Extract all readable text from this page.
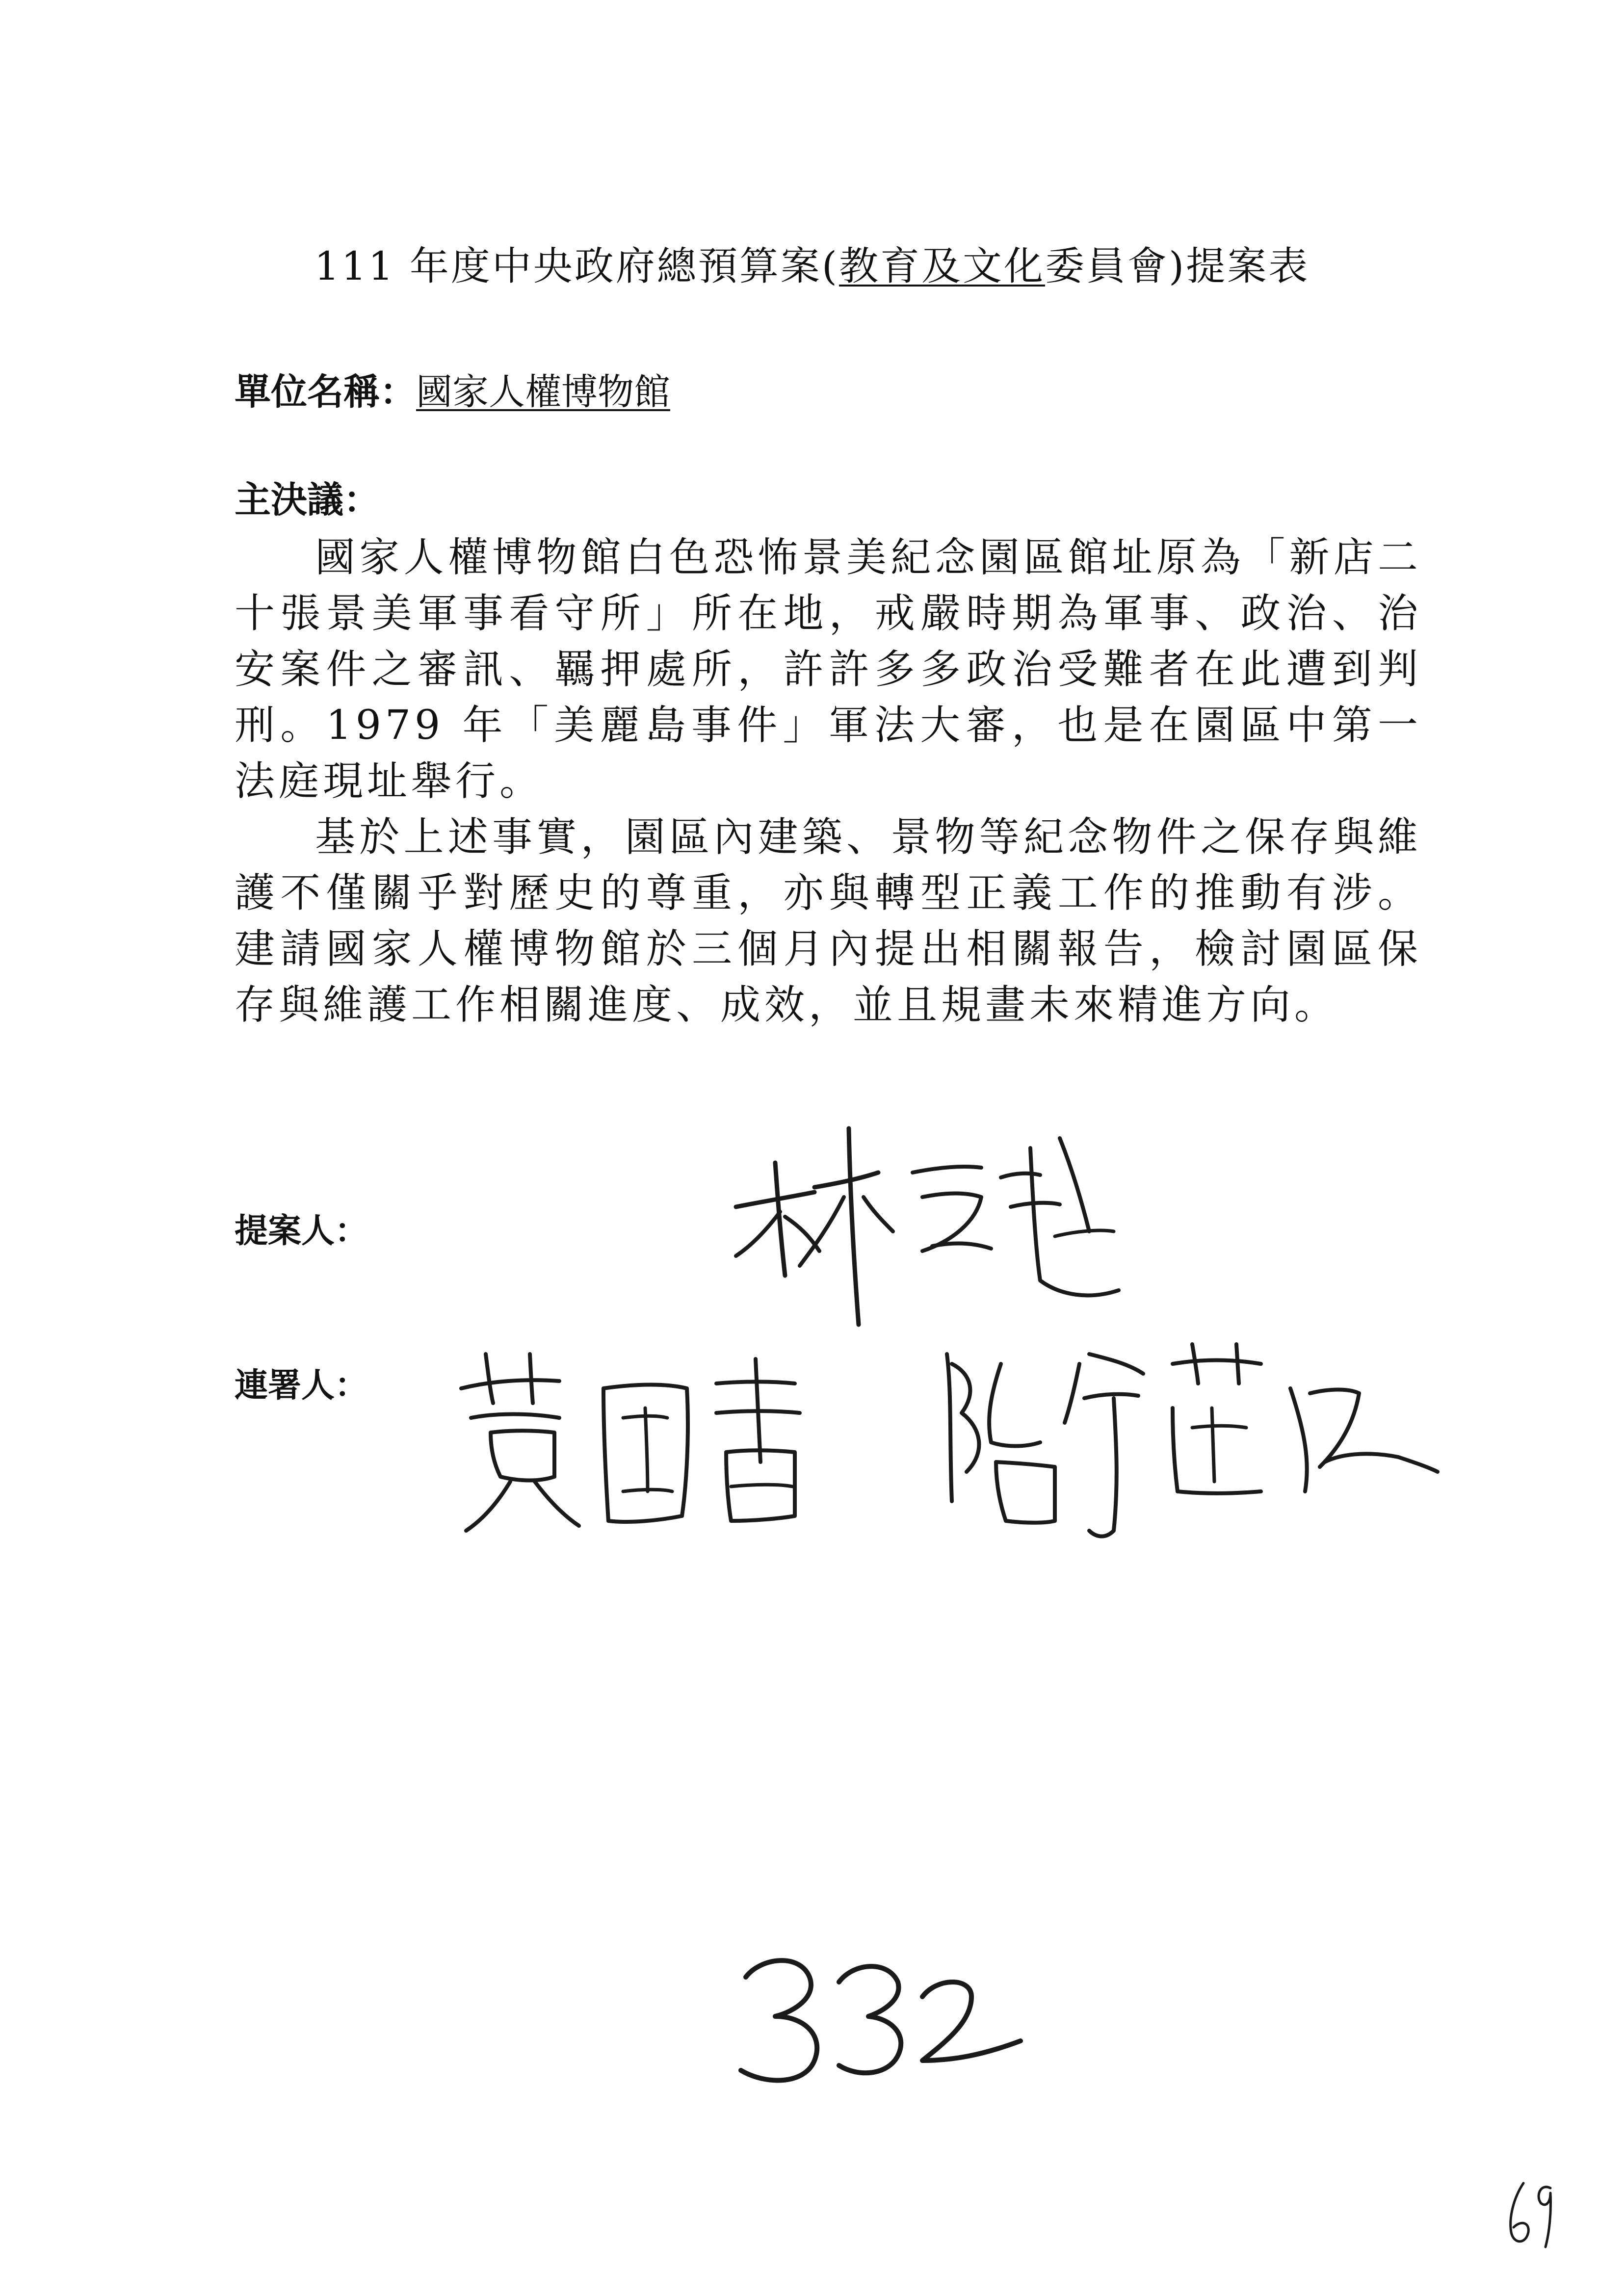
111 年度中央政府總預算案(教育及文化委員會)提案表
單位名稱：國家人權博物館
主決議：

國家人權博物館白色恐怖景美紀念園區館址原為「新店二十張景美軍事看守所」所在地，戒嚴時期為軍事、政治、治安案件之審訊、羈押處所，許許多多政治受難者在此遭到判刑。1979 年「美麗島事件」軍法大審，也是在園區中第一法庭現址舉行。

基於上述事實，園區內建築、景物等紀念物件之保存與維護不僅關乎對歷史的尊重，亦與轉型正義工作的推動有涉。建請國家人權博物館於三個月內提出相關報告，檢討園區保存與維護工作相關進度、成效，並且規畫未來精進方向。

提案人：
連署人：
